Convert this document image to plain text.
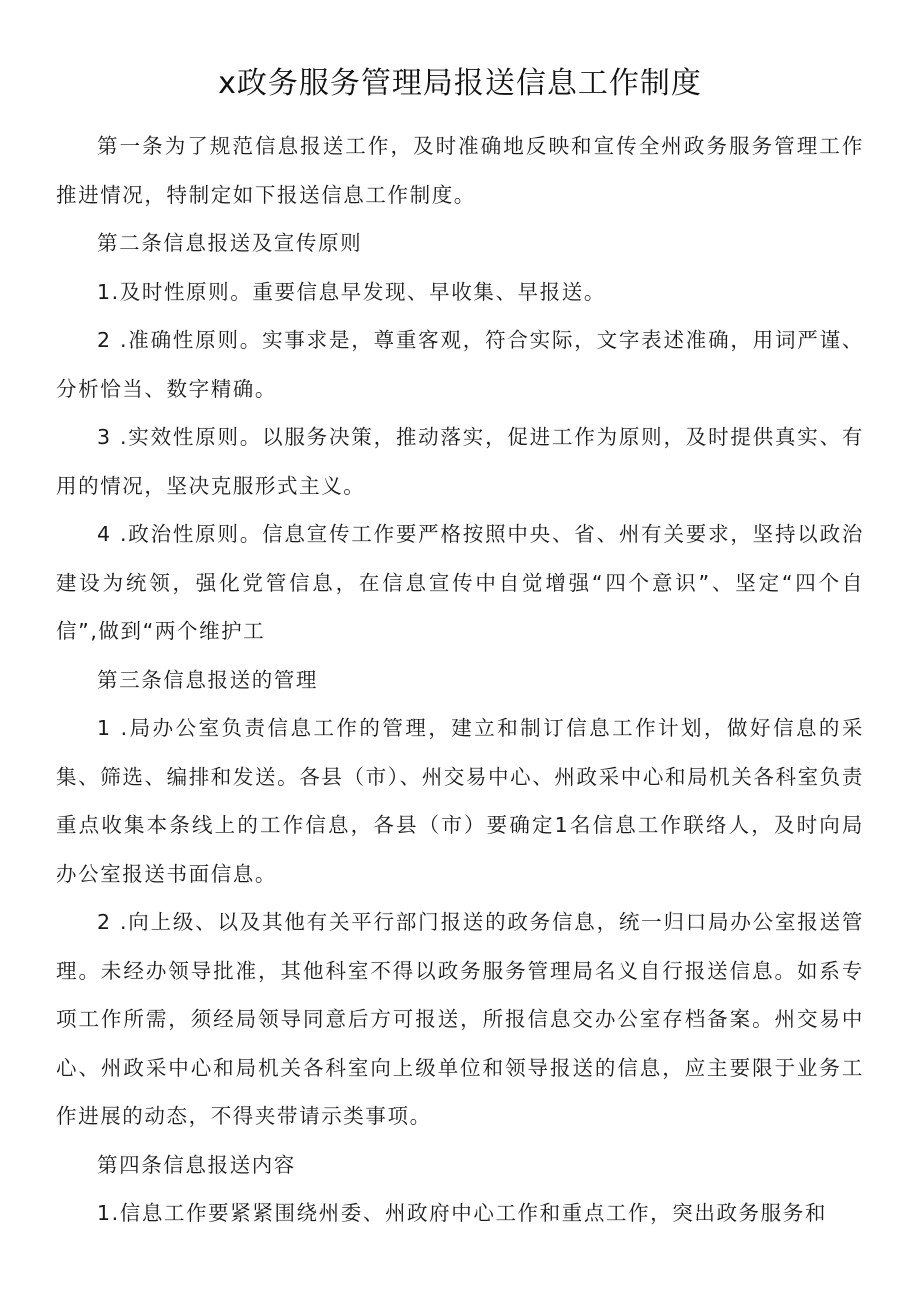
x政务服务管理局报送信息工作制度

第一条为了规范信息报送工作，及时准确地反映和宣传全州政务服务管理工作推进情况，特制定如下报送信息工作制度。

第二条信息报送及宣传原则

1.及时性原则。重要信息早发现、早收集、早报送。

2 .准确性原则。实事求是，尊重客观，符合实际，文字表述准确，用词严谨、分析恰当、数字精确。

3 .实效性原则。以服务决策，推动落实，促进工作为原则，及时提供真实、有用的情况，坚决克服形式主义。

4 .政治性原则。信息宣传工作要严格按照中央、省、州有关要求，坚持以政治建设为统领，强化党管信息，在信息宣传中自觉增强“四个意识”、坚定“四个自信”,做到“两个维护工

第三条信息报送的管理

1 .局办公室负责信息工作的管理，建立和制订信息工作计划，做好信息的采集、筛选、编排和发送。各县（市）、州交易中心、州政采中心和局机关各科室负责重点收集本条线上的工作信息，各县（市）要确定1名信息工作联络人，及时向局办公室报送书面信息。

2 .向上级、以及其他有关平行部门报送的政务信息，统一归口局办公室报送管理。未经办领导批准，其他科室不得以政务服务管理局名义自行报送信息。如系专项工作所需，须经局领导同意后方可报送，所报信息交办公室存档备案。州交易中心、州政采中心和局机关各科室向上级单位和领导报送的信息，应主要限于业务工作进展的动态，不得夹带请示类事项。

第四条信息报送内容

1.信息工作要紧紧围绕州委、州政府中心工作和重点工作，突出政务服务和
